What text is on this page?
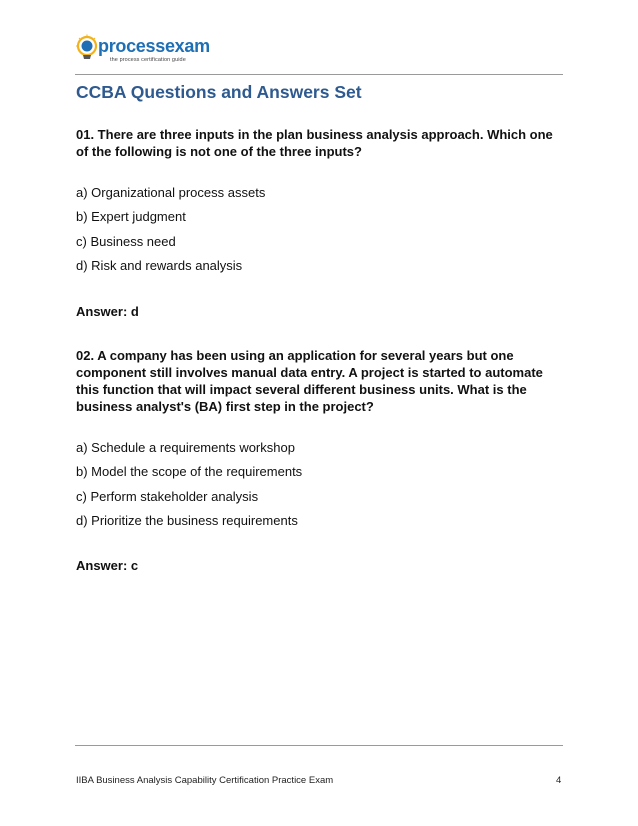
processexam
the process certification guide
CCBA Questions and Answers Set
01. There are three inputs in the plan business analysis approach. Which one of the following is not one of the three inputs?
a) Organizational process assets
b) Expert judgment
c) Business need
d) Risk and rewards analysis
Answer: d
02. A company has been using an application for several years but one component still involves manual data entry. A project is started to automate this function that will impact several different business units. What is the business analyst's (BA) first step in the project?
a) Schedule a requirements workshop
b) Model the scope of the requirements
c) Perform stakeholder analysis
d) Prioritize the business requirements
Answer: c
IIBA Business Analysis Capability Certification Practice Exam	4
